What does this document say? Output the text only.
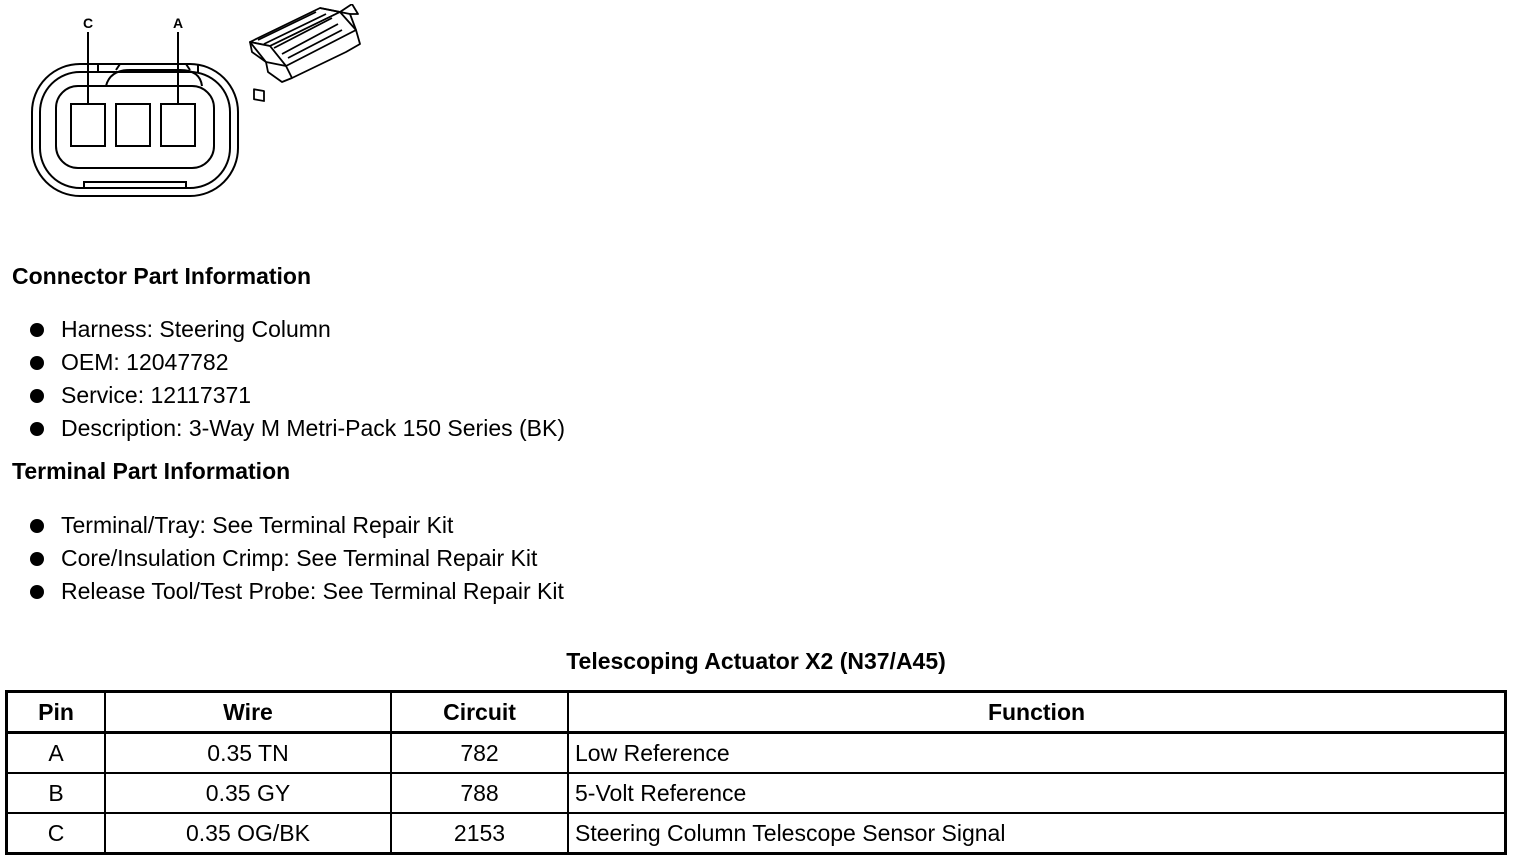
C	A
Connector Part Information
Harness: Steering Column
OEM: 12047782
Service: 12117371
Description: 3-Way M Metri-Pack 150 Series (BK)
Terminal Part Information
Terminal/Tray: See Terminal Repair Kit
Core/Insulation Crimp: See Terminal Repair Kit
Release Tool/Test Probe: See Terminal Repair Kit
Telescoping Actuator X2 (N37/A45)
Pin	Wire	Circuit	Function
A	0.35 TN	782	Low Reference
B	0.35 GY	788	5-Volt Reference
C	0.35 OG/BK	2153	Steering Column Telescope Sensor Signal
